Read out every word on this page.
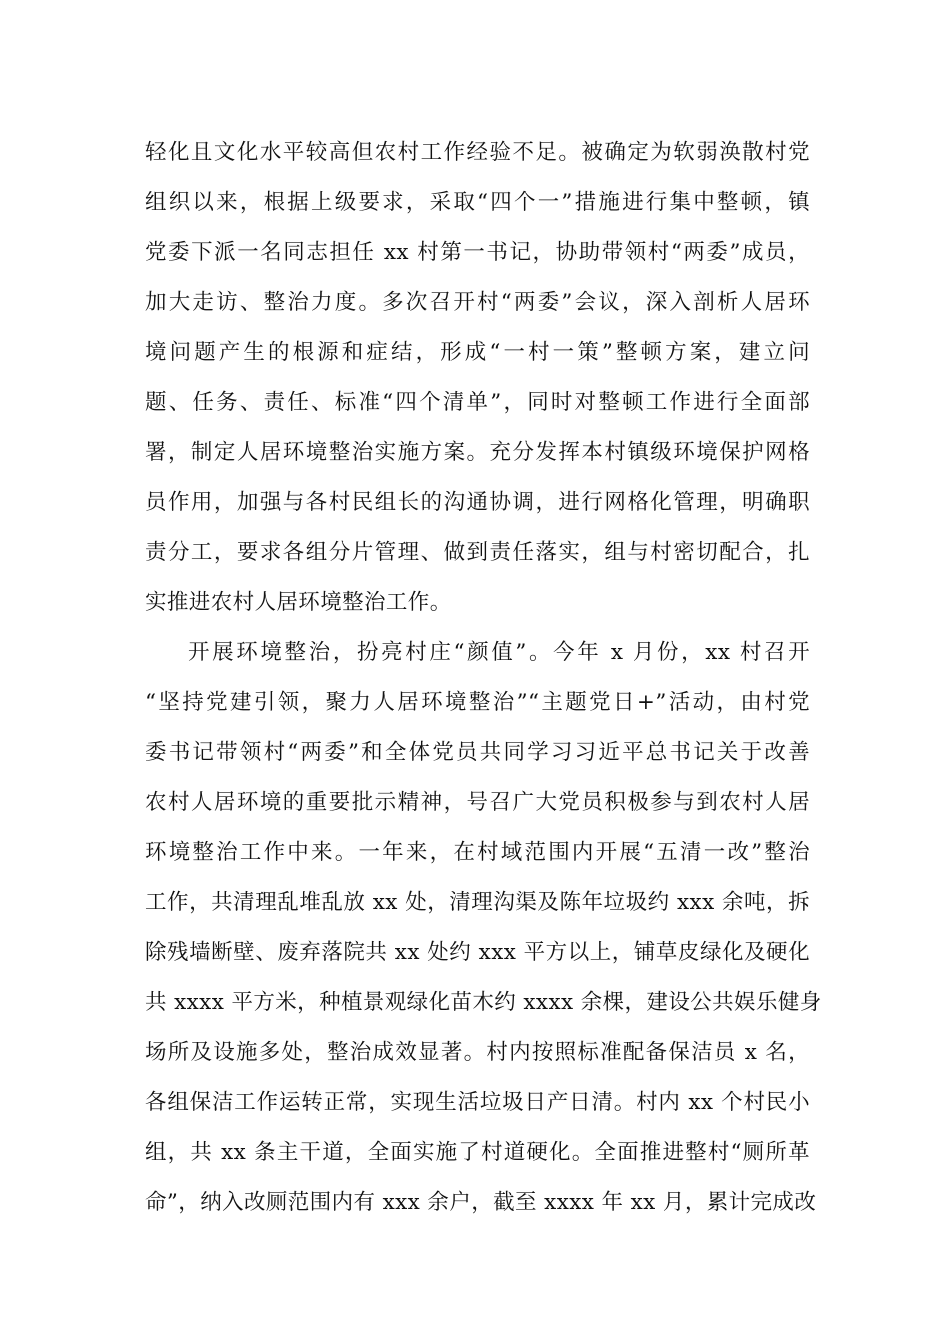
轻化且文化水平较高但农村工作经验不足。被确定为软弱涣散村党
组织以来，根据上级要求，采取“四个一”措施进行集中整顿，镇
党委下派一名同志担任 xx 村第一书记，协助带领村“两委”成员，
加大走访、整治力度。多次召开村“两委”会议，深入剖析人居环
境问题产生的根源和症结，形成“一村一策”整顿方案，建立问
题、任务、责任、标准“四个清单”，同时对整顿工作进行全面部
署，制定人居环境整治实施方案。充分发挥本村镇级环境保护网格
员作用，加强与各村民组长的沟通协调，进行网格化管理，明确职
责分工，要求各组分片管理、做到责任落实，组与村密切配合，扎
实推进农村人居环境整治工作。
开展环境整治，扮亮村庄“颜值”。今年 x 月份，xx 村召开
“坚持党建引领，聚力人居环境整治”“主题党日+”活动，由村党
委书记带领村“两委”和全体党员共同学习习近平总书记关于改善
农村人居环境的重要批示精神，号召广大党员积极参与到农村人居
环境整治工作中来。一年来，在村域范围内开展“五清一改”整治
工作，共清理乱堆乱放 xx 处，清理沟渠及陈年垃圾约 xxx 余吨，拆
除残墙断壁、废弃落院共 xx 处约 xxx 平方以上，铺草皮绿化及硬化
共 xxxx 平方米，种植景观绿化苗木约 xxxx 余棵，建设公共娱乐健身
场所及设施多处，整治成效显著。村内按照标准配备保洁员 x 名，
各组保洁工作运转正常，实现生活垃圾日产日清。村内 xx 个村民小
组，共 xx 条主干道，全面实施了村道硬化。全面推进整村“厕所革
命”，纳入改厕范围内有 xxx 余户，截至 xxxx 年 xx 月，累计完成改
